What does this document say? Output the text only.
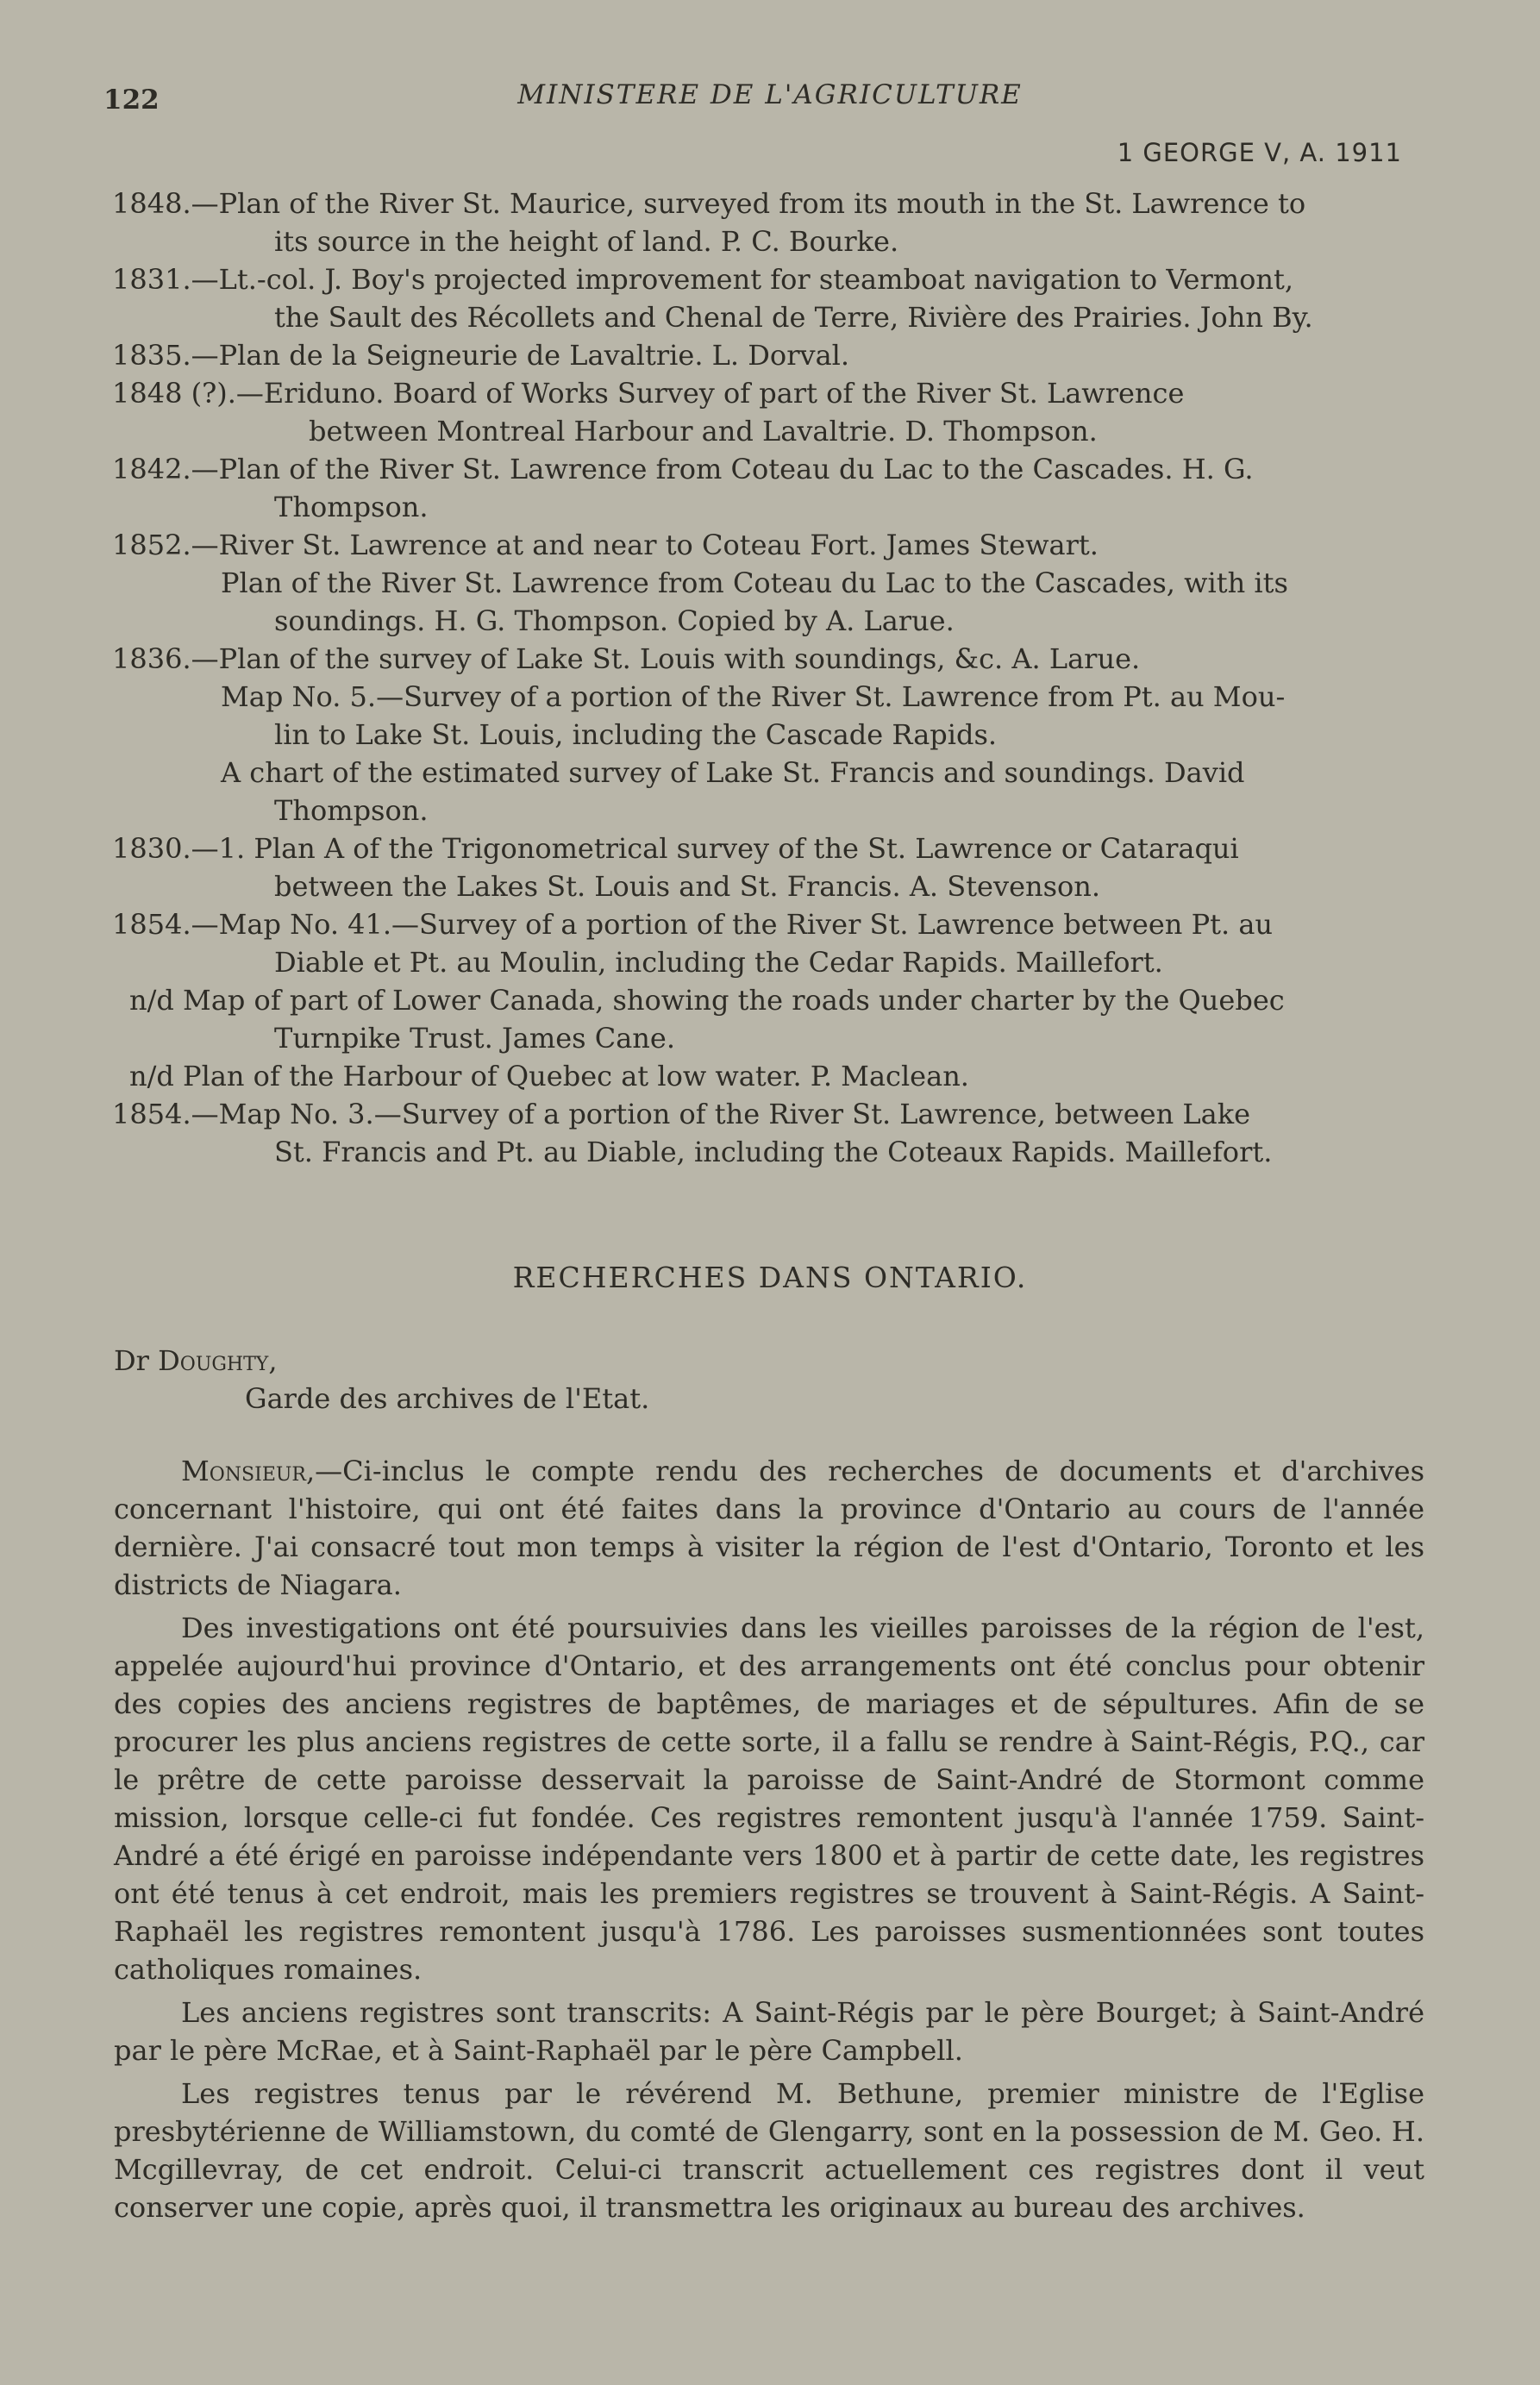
122	MINISTERE DE L'AGRICULTURE
1 GEORGE V, A. 1911

1848.—Plan of the River St. Maurice, surveyed from its mouth in the St. Lawrence to
its source in the height of land. P. C. Bourke.

1831.—Lt.-col. J. Boy's projected improvement for steamboat navigation to Vermont,
the Sault des Récollets and Chenal de Terre, Rivière des Prairies. John By.

1835.—Plan de la Seigneurie de Lavaltrie. L. Dorval.

1848 (?).—Eriduno. Board of Works Survey of part of the River St. Lawrence
between Montreal Harbour and Lavaltrie. D. Thompson.

1842.—Plan of the River St. Lawrence from Coteau du Lac to the Cascades. H. G.
Thompson.

1852.—River St. Lawrence at and near to Coteau Fort. James Stewart.

Plan of the River St. Lawrence from Coteau du Lac to the Cascades, with its
soundings. H. G. Thompson. Copied by A. Larue.

1836.—Plan of the survey of Lake St. Louis with soundings, &c. A. Larue.

Map No. 5.—Survey of a portion of the River St. Lawrence from Pt. au Mou-
lin to Lake St. Louis, including the Cascade Rapids.

A chart of the estimated survey of Lake St. Francis and soundings. David
Thompson.

1830.—1. Plan A of the Trigonometrical survey of the St. Lawrence or Cataraqui
between the Lakes St. Louis and St. Francis. A. Stevenson.

1854.—Map No. 41.—Survey of a portion of the River St. Lawrence between Pt. au
Diable et Pt. au Moulin, including the Cedar Rapids. Maillefort.

n/d Map of part of Lower Canada, showing the roads under charter by the Quebec
Turnpike Trust. James Cane.

n/d Plan of the Harbour of Quebec at low water. P. Maclean.

1854.—Map No. 3.—Survey of a portion of the River St. Lawrence, between Lake
St. Francis and Pt. au Diable, including the Coteaux Rapids. Maillefort.

RECHERCHES DANS ONTARIO.

Dr Doughty,

Garde des archives de l'Etat.

Monsieur,—Ci-inclus le compte rendu des recherches de documents et d'archives concernant l'histoire, qui ont été faites dans la province d'Ontario au cours de l'année dernière. J'ai consacré tout mon temps à visiter la région de l'est d'Ontario, Toronto et les districts de Niagara.

Des investigations ont été poursuivies dans les vieilles paroisses de la région de l'est, appelée aujourd'hui province d'Ontario, et des arrangements ont été conclus pour obtenir des copies des anciens registres de baptêmes, de mariages et de sépultures. Afin de se procurer les plus anciens registres de cette sorte, il a fallu se rendre à Saint-Régis, P.Q., car le prêtre de cette paroisse desservait la paroisse de Saint-André de Stormont comme mission, lorsque celle-ci fut fondée. Ces registres remontent jusqu'à l'année 1759. Saint-André a été érigé en paroisse indépendante vers 1800 et à partir de cette date, les registres ont été tenus à cet endroit, mais les premiers registres se trouvent à Saint-Régis. A Saint-Raphaël les registres remontent jusqu'à 1786. Les paroisses susmentionnées sont toutes catholiques romaines.

Les anciens registres sont transcrits: A Saint-Régis par le père Bourget; à Saint-André par le père McRae, et à Saint-Raphaël par le père Campbell.

Les registres tenus par le révérend M. Bethune, premier ministre de l'Eglise presbytérienne de Williamstown, du comté de Glengarry, sont en la possession de M. Geo. H. Mcgillevray, de cet endroit. Celui-ci transcrit actuellement ces registres dont il veut conserver une copie, après quoi, il transmettra les originaux au bureau des archives.
